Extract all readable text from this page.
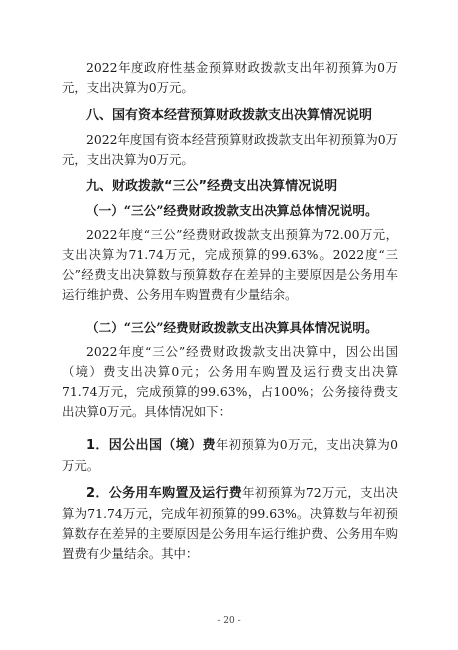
2022年度政府性基金预算财政拨款支出年初预算为0万元，支出决算为0万元。

八、国有资本经营预算财政拨款支出决算情况说明

2022年度国有资本经营预算财政拨款支出年初预算为0万元，支出决算为0万元。

九、财政拨款“三公”经费支出决算情况说明

（一）“三公”经费财政拨款支出决算总体情况说明。

2022年度“三公”经费财政拨款支出预算为72.00万元，支出决算为71.74万元，完成预算的99.63%。2022度“三公”经费支出决算数与预算数存在差异的主要原因是公务用车运行维护费、公务用车购置费有少量结余。

（二）“三公”经费财政拨款支出决算具体情况说明。

2022年度“三公”经费财政拨款支出决算中，因公出国（境）费支出决算0元；公务用车购置及运行费支出决算71.74万元，完成预算的99.63%，占100%；公务接待费支出决算0万元。具体情况如下：

1．因公出国（境）费年初预算为0万元，支出决算为0万元。

2．公务用车购置及运行费年初预算为72万元，支出决算为71.74万元，完成年初预算的99.63%。决算数与年初预算数存在差异的主要原因是公务用车运行维护费、公务用车购置费有少量结余。其中：

- 20 -
